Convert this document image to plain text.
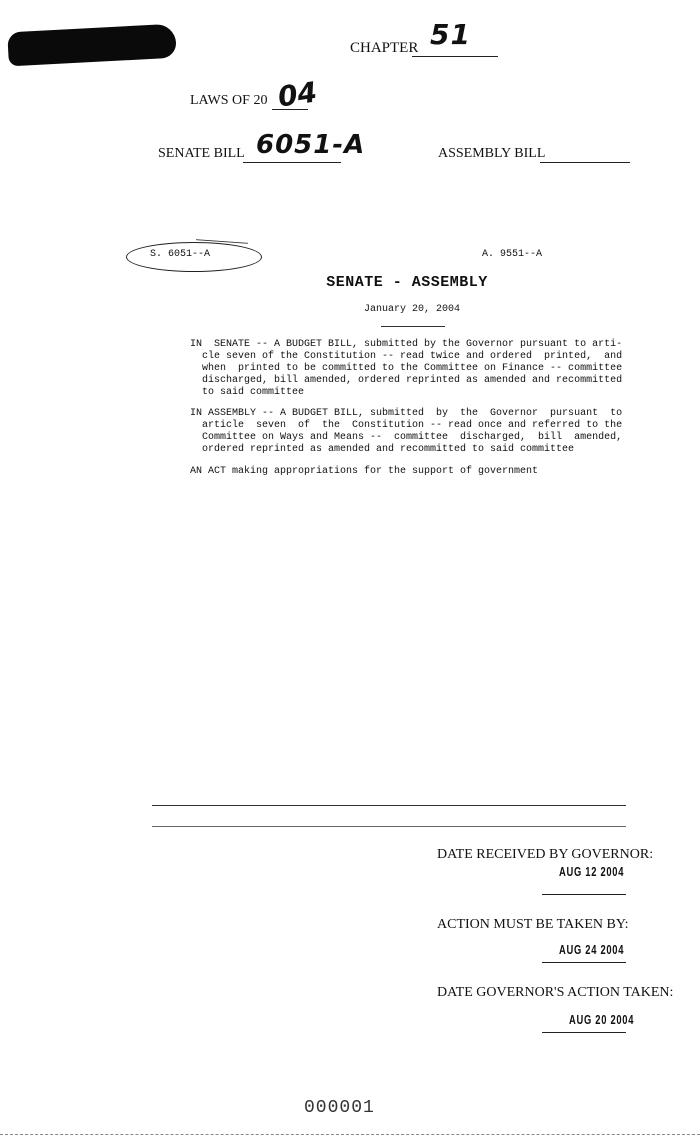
CHAPTER 51
LAWS OF 20 04
SENATE BILL 6051-A	ASSEMBLY BILL
S. 6051--A	A. 9551--A
SENATE - ASSEMBLY
January 20, 2004
IN  SENATE -- A BUDGET BILL, submitted by the Governor pursuant to arti-
cle seven of the Constitution -- read twice and ordered  printed,  and
when  printed to be committed to the Committee on Finance -- committee
discharged, bill amended, ordered reprinted as amended and recommitted
to said committee
IN ASSEMBLY -- A BUDGET BILL, submitted  by  the  Governor  pursuant  to
article  seven  of  the  Constitution -- read once and referred to the
Committee on Ways and Means --  committee  discharged,  bill  amended,
ordered reprinted as amended and recommitted to said committee
AN ACT making appropriations for the support of government
DATE RECEIVED BY GOVERNOR:
AUG 12 2004
ACTION MUST BE TAKEN BY:
AUG 24 2004
DATE GOVERNOR'S ACTION TAKEN:
AUG 20 2004
000001
